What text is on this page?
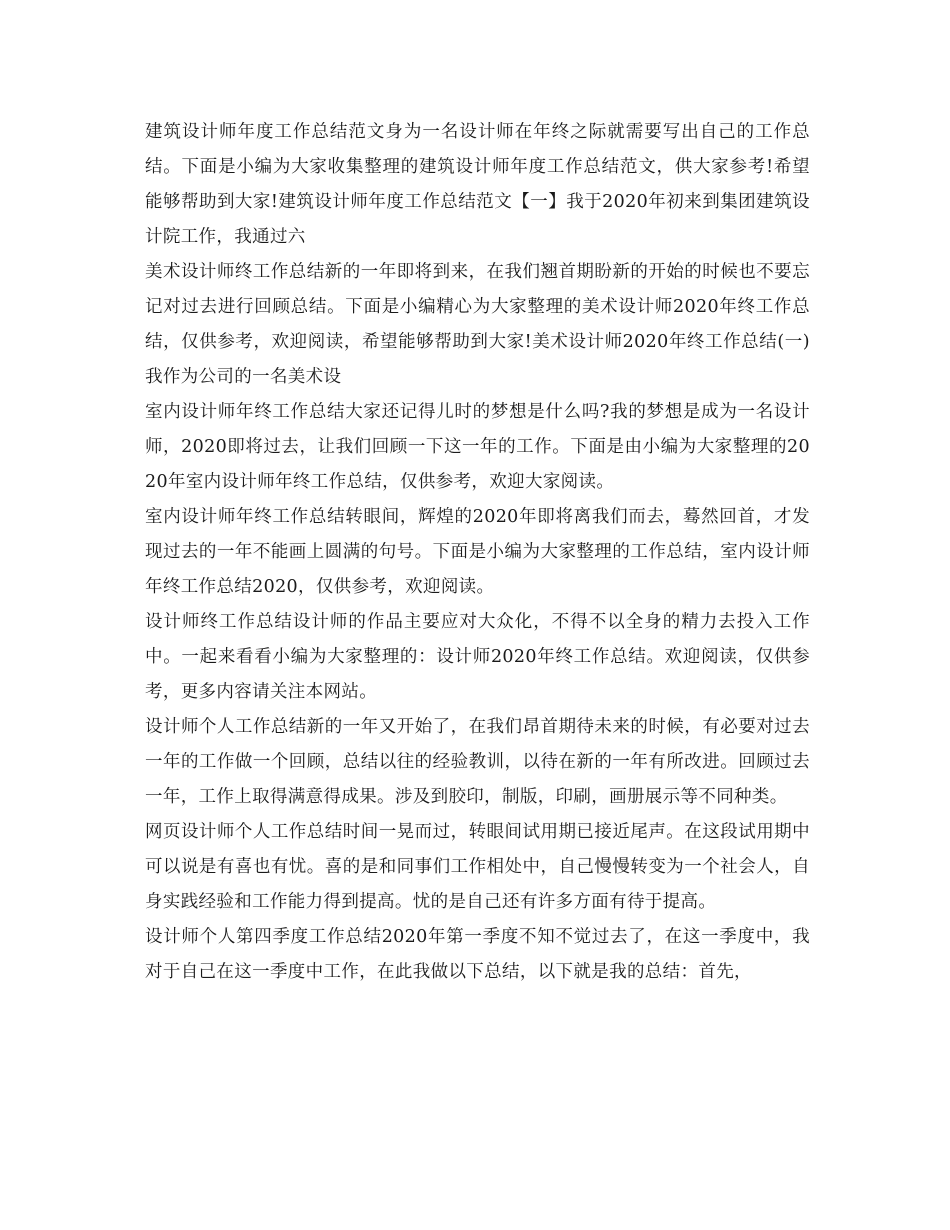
建筑设计师年度工作总结范文身为一名设计师在年终之际就需要写出自己的工作总结。下面是小编为大家收集整理的建筑设计师年度工作总结范文，供大家参考!希望能够帮助到大家!建筑设计师年度工作总结范文【一】我于2020年初来到集团建筑设计院工作，我通过六

美术设计师终工作总结新的一年即将到来，在我们翘首期盼新的开始的时候也不要忘记对过去进行回顾总结。下面是小编精心为大家整理的美术设计师2020年终工作总结，仅供参考，欢迎阅读，希望能够帮助到大家!美术设计师2020年终工作总结(一)我作为公司的一名美术设

室内设计师年终工作总结大家还记得儿时的梦想是什么吗?我的梦想是成为一名设计师，2020即将过去，让我们回顾一下这一年的工作。下面是由小编为大家整理的2020年室内设计师年终工作总结，仅供参考，欢迎大家阅读。

室内设计师年终工作总结转眼间，辉煌的2020年即将离我们而去，蓦然回首，才发现过去的一年不能画上圆满的句号。下面是小编为大家整理的工作总结，室内设计师年终工作总结2020，仅供参考，欢迎阅读。

设计师终工作总结设计师的作品主要应对大众化，不得不以全身的精力去投入工作中。一起来看看小编为大家整理的：设计师2020年终工作总结。欢迎阅读，仅供参考，更多内容请关注本网站。

设计师个人工作总结新的一年又开始了，在我们昂首期待未来的时候，有必要对过去一年的工作做一个回顾，总结以往的经验教训，以待在新的一年有所改进。回顾过去一年，工作上取得满意得成果。涉及到胶印，制版，印刷，画册展示等不同种类。

网页设计师个人工作总结时间一晃而过，转眼间试用期已接近尾声。在这段试用期中可以说是有喜也有忧。喜的是和同事们工作相处中，自己慢慢转变为一个社会人，自身实践经验和工作能力得到提高。忧的是自己还有许多方面有待于提高。

设计师个人第四季度工作总结2020年第一季度不知不觉过去了，在这一季度中，我对于自己在这一季度中工作，在此我做以下总结，以下就是我的总结：首先，
